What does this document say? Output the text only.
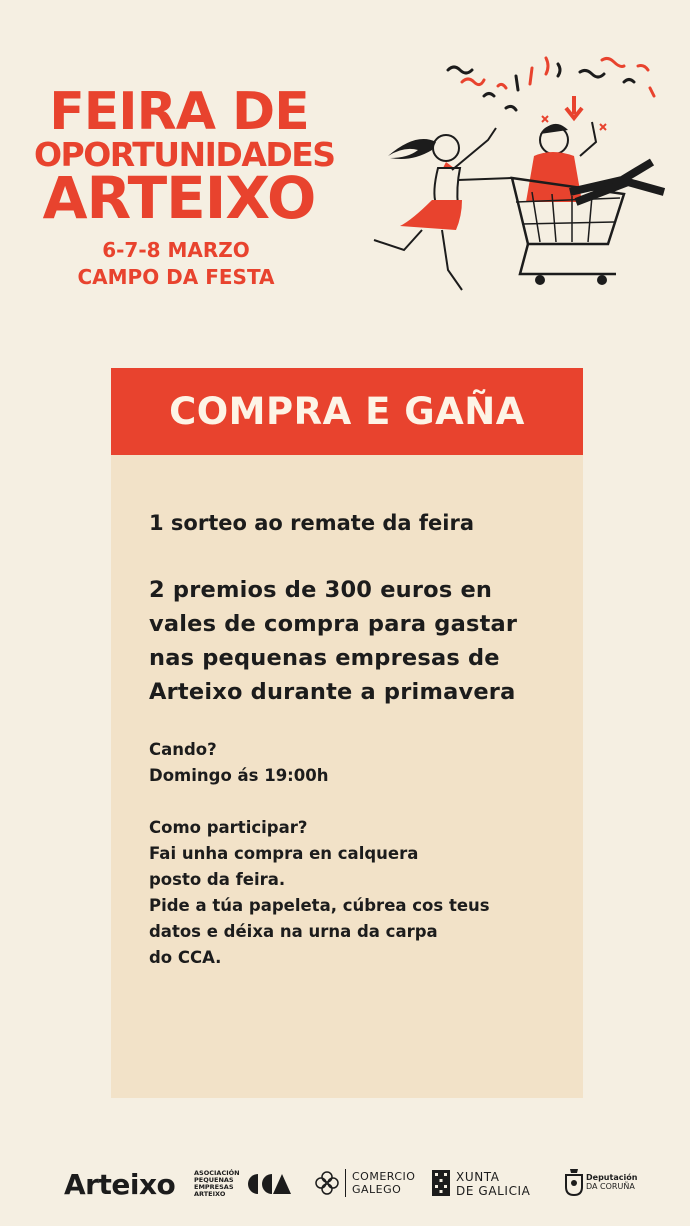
FEIRA DE
OPORTUNIDADES
ARTEIXO
6-7-8 MARZO
CAMPO DA FESTA
COMPRA E GAÑA

1 sorteo ao remate da feira

2 premios de 300 euros en vales de compra para gastar nas pequenas empresas de Arteixo durante a primavera

Cando?
Domingo ás 19:00h

Como participar?
Fai unha compra en calquera
posto da feira.
Pide a túa papeleta, cúbrea cos teus
datos e déixa na urna da carpa
do CCA.

Arteixo	ASOCIACIÓN
PEQUENAS
EMPRESAS
ARTEIXO
COMERCIO
GALEGO
XUNTA
DE GALICIA
Deputación
DA CORUÑA
